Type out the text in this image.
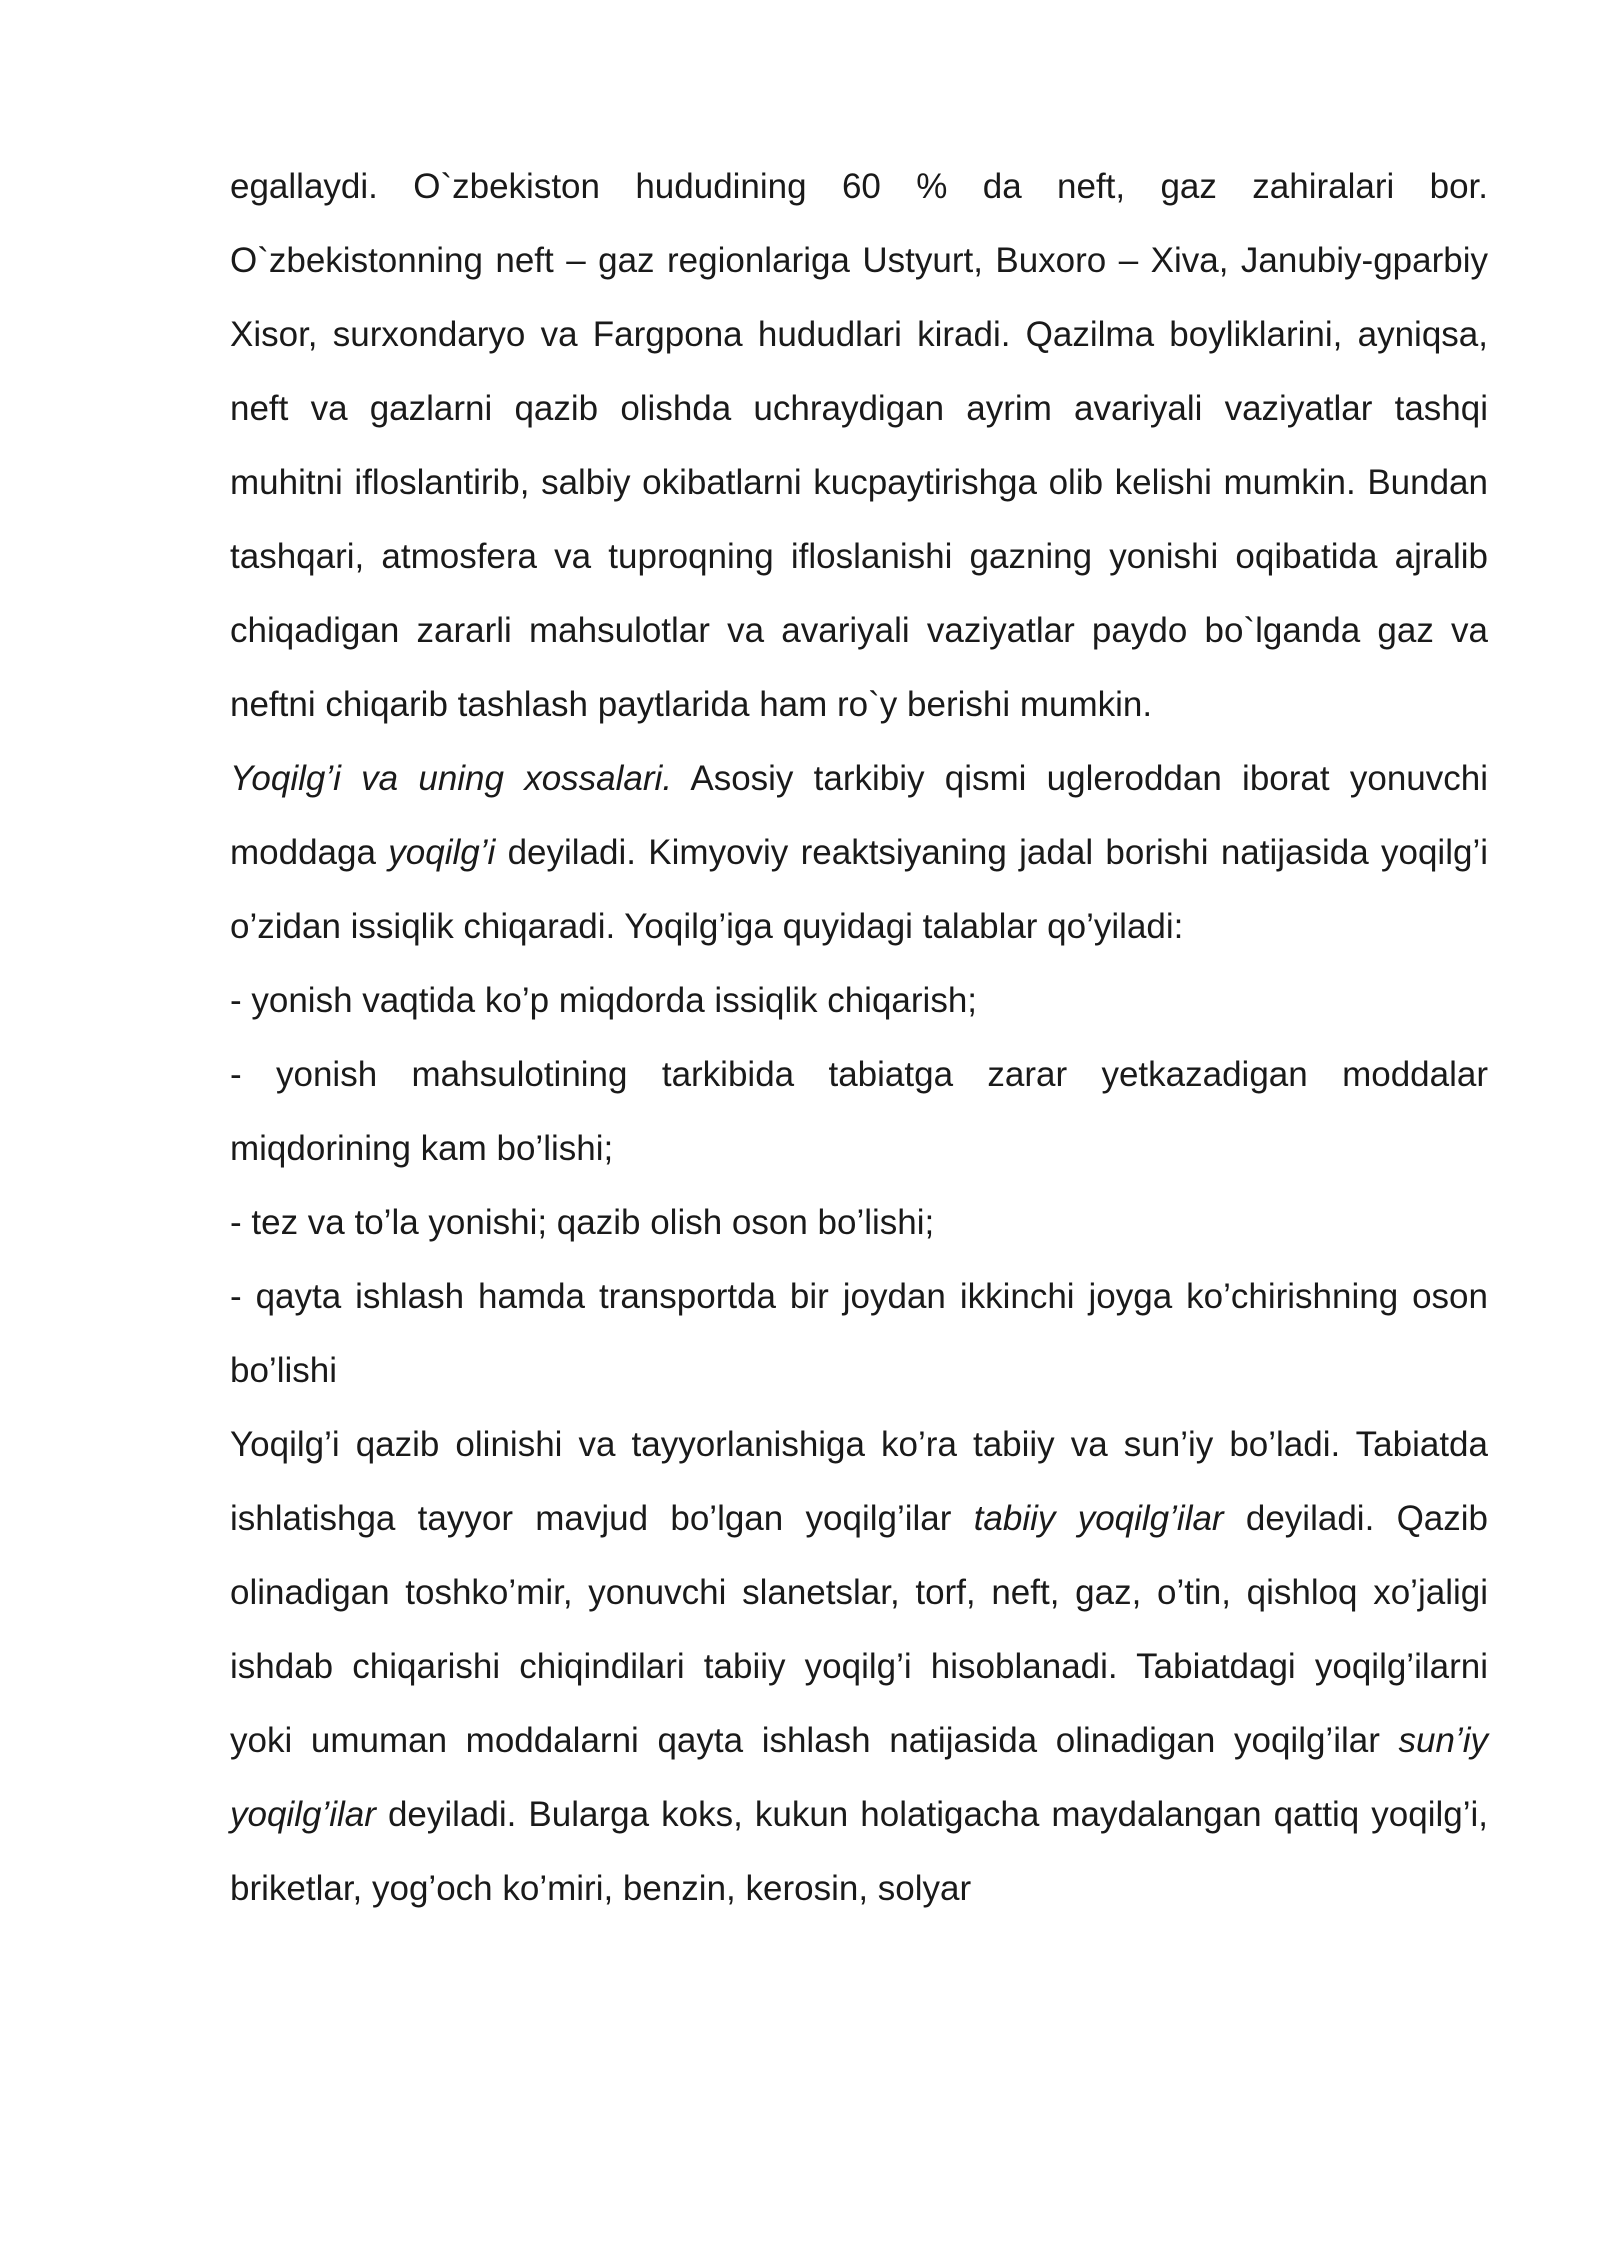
egallaydi. O`zbekiston hududining 60 % da neft, gaz zahiralari bor. O`zbekistonning neft – gaz regionlariga Ustyurt, Buxoro – Xiva, Janubiy-gparbiy Xisor, surxondaryo va Fargpona hududlari kiradi. Qazilma boyliklarini, ayniqsa, neft va gazlarni qazib olishda uchraydigan ayrim avariyali vaziyatlar tashqi muhitni ifloslantirib, salbiy okibatlarni kucpaytirishga olib kelishi mumkin. Bundan tashqari, atmosfera va tuproqning ifloslanishi gazning yonishi oqibatida ajralib chiqadigan zararli mahsulotlar va avariyali vaziyatlar paydo bo`lganda gaz va neftni chiqarib tashlash paytlarida ham ro`y berishi mumkin.

Yoqilg’i va uning xossalari. Asosiy tarkibiy qismi ugleroddan iborat yonuvchi moddaga yoqilg’i deyiladi. Kimyoviy reaktsiyaning jadal borishi natijasida yoqilg’i o’zidan issiqlik chiqaradi. Yoqilg’iga quyidagi talablar qo’yiladi:

- yonish vaqtida ko’p miqdorda issiqlik chiqarish;

- yonish mahsulotining tarkibida tabiatga zarar yetkazadigan moddalar miqdorining kam bo’lishi;

- tez va to’la yonishi; qazib olish oson bo’lishi;

- qayta ishlash hamda transportda bir joydan ikkinchi joyga ko’chirishning oson bo’lishi

Yoqilg’i qazib olinishi va tayyorlanishiga ko’ra tabiiy va sun’iy bo’ladi. Tabiatda ishlatishga tayyor mavjud bo’lgan yoqilg’ilar tabiiy yoqilg’ilar deyiladi. Qazib olinadigan toshko’mir, yonuvchi slanetslar, torf, neft, gaz, o’tin, qishloq xo’jaligi ishdab chiqarishi chiqindilari tabiiy yoqilg’i hisoblanadi. Tabiatdagi yoqilg’ilarni yoki umuman moddalarni qayta ishlash natijasida olinadigan yoqilg’ilar sun’iy yoqilg’ilar deyiladi. Bularga koks, kukun holatigacha maydalangan qattiq yoqilg’i, briketlar, yog’och ko’miri, benzin, kerosin, solyar
